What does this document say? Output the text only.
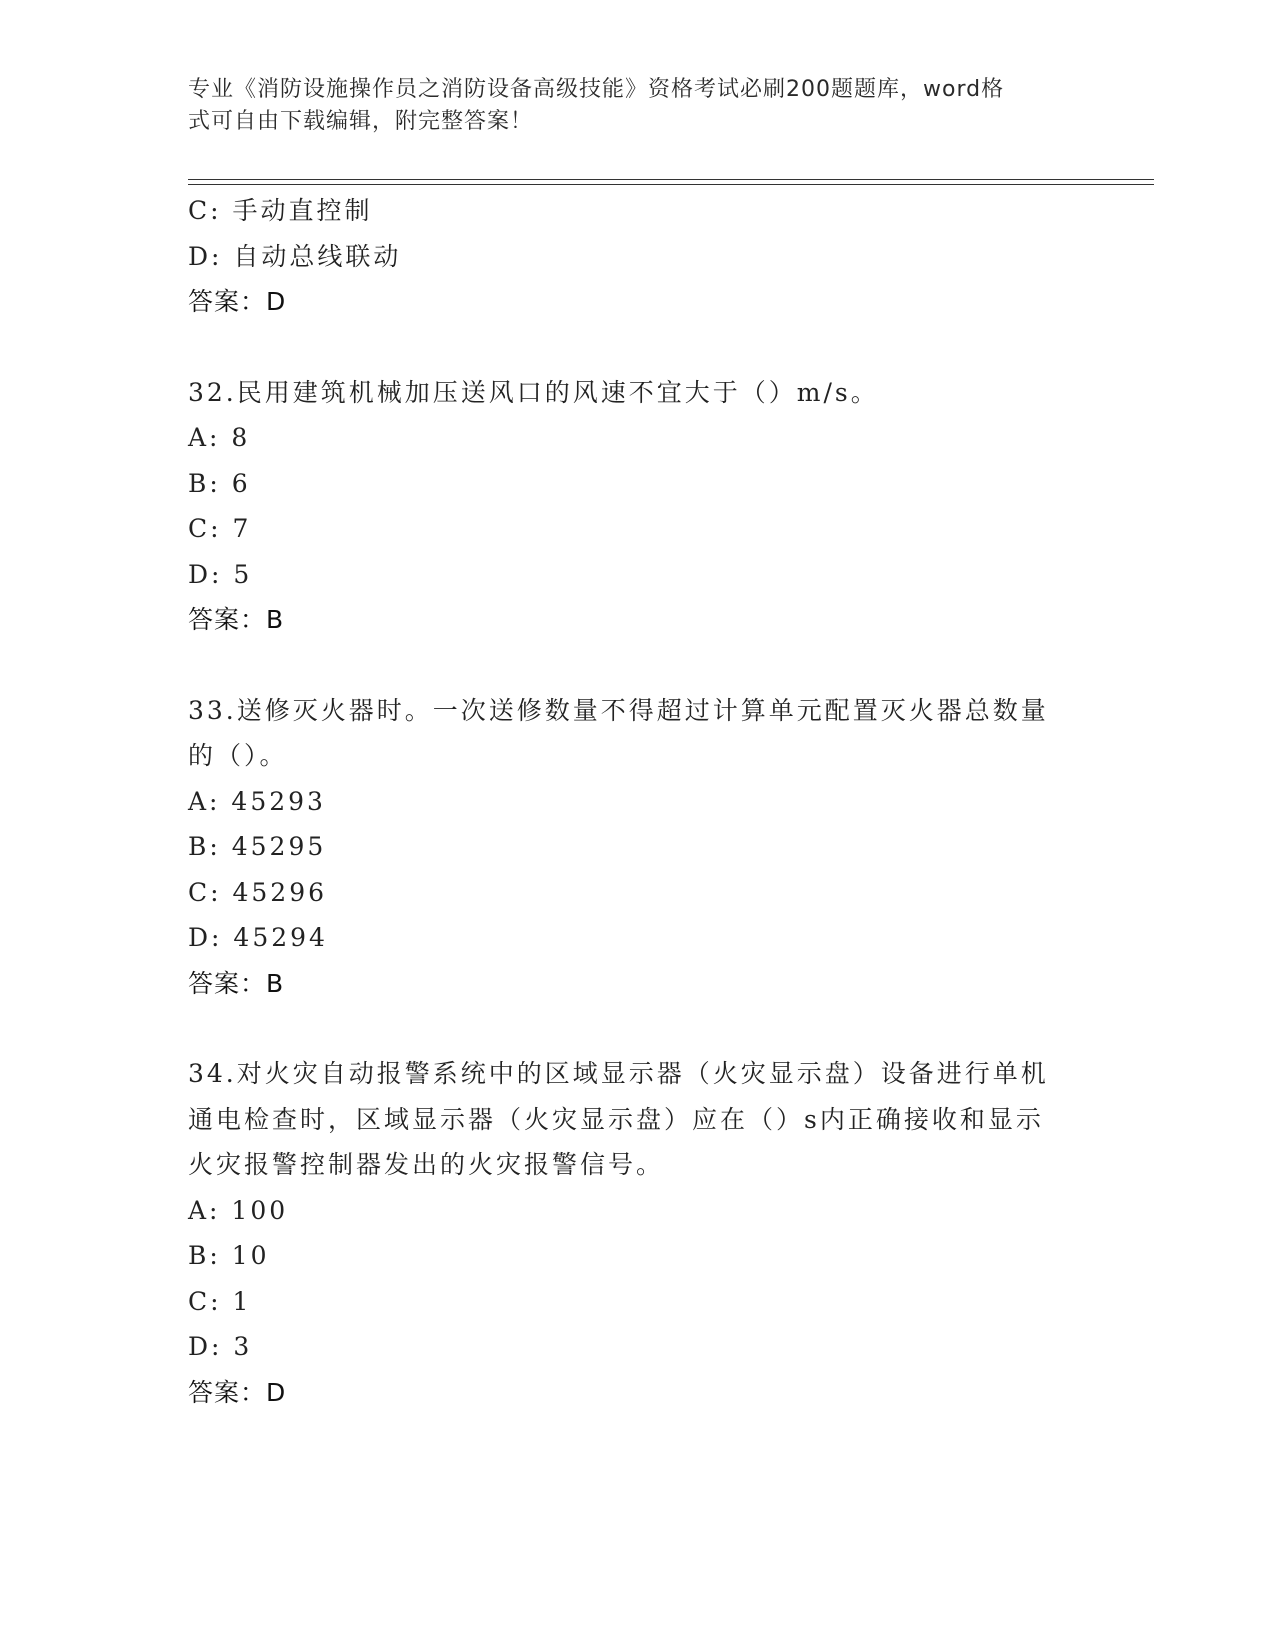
专业《消防设施操作员之消防设备高级技能》资格考试必刷200题题库，word格

式可自由下载编辑，附完整答案！

C: 手动直控制
D: 自动总线联动
答案：D
32.民用建筑机械加压送风口的风速不宜大于（）m/s。
A: 8
B: 6
C: 7
D: 5
答案：B
33.送修灭火器时。一次送修数量不得超过计算单元配置灭火器总数量
的（）。
A: 45293
B: 45295
C: 45296
D: 45294
答案：B
34.对火灾自动报警系统中的区域显示器（火灾显示盘）设备进行单机
通电检查时，区域显示器（火灾显示盘）应在（）s内正确接收和显示
火灾报警控制器发出的火灾报警信号。
A: 100
B: 10
C: 1
D: 3
答案：D
